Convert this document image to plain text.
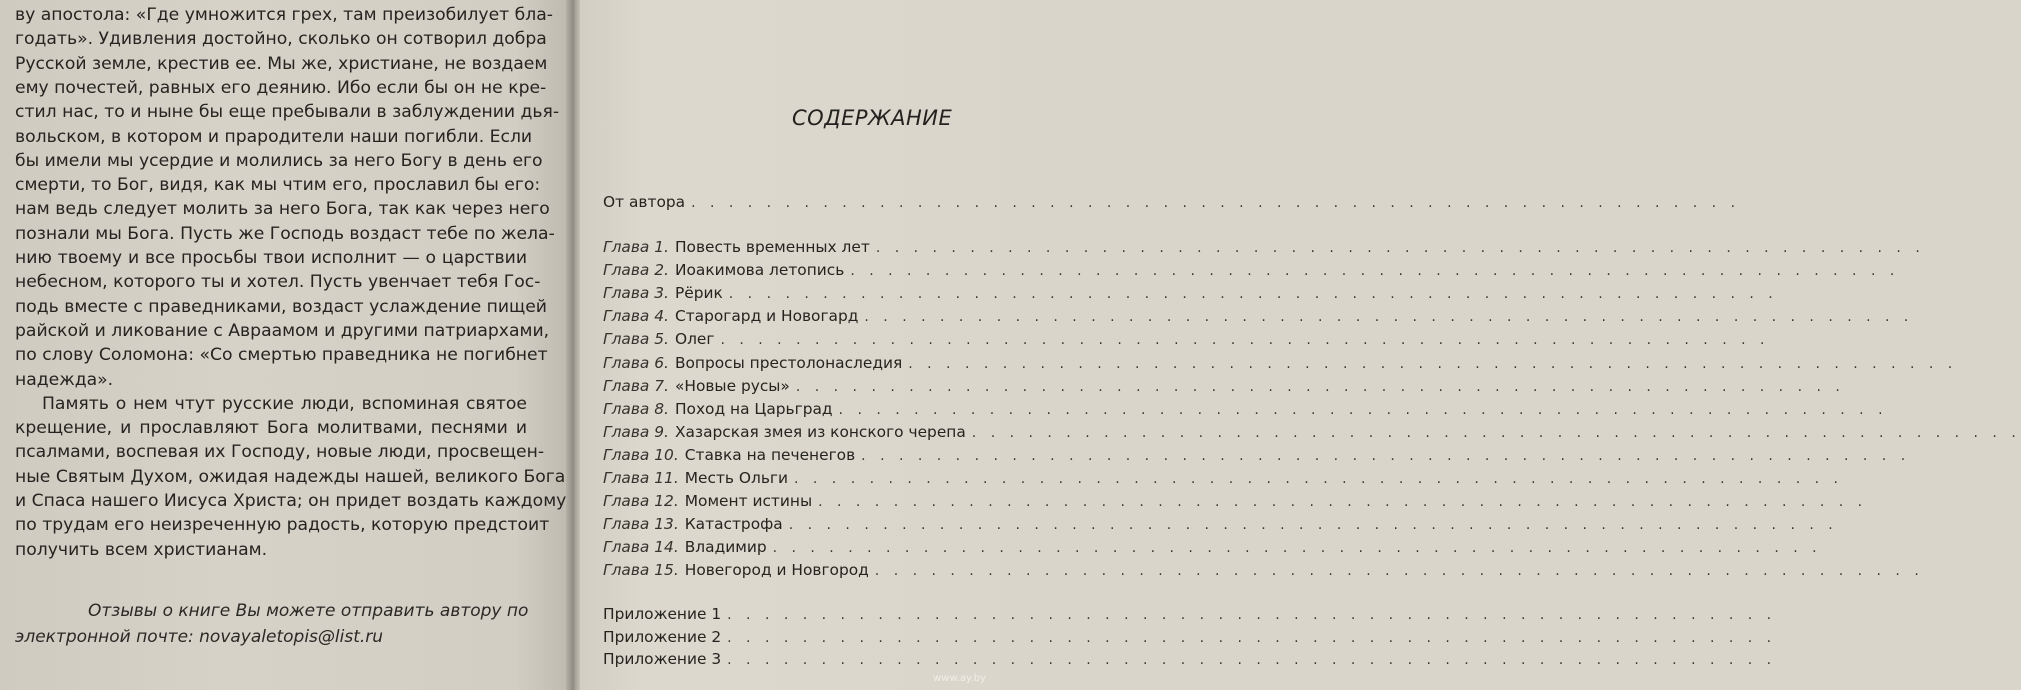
ву апостола: «Где умножится грех, там преизобилует бла-
годать». Удивления достойно, сколько он сотворил добра
Русской земле, крестив ее. Мы же, христиане, не воздаем
ему почестей, равных его деянию. Ибо если бы он не кре-
стил нас, то и ныне бы еще пребывали в заблуждении дья-
вольском, в котором и прародители наши погибли. Если
бы имели мы усердие и молились за него Богу в день его
смерти, то Бог, видя, как мы чтим его, прославил бы его:
нам ведь следует молить за него Бога, так как через него
познали мы Бога. Пусть же Господь воздаст тебе по жела-
нию твоему и все просьбы твои исполнит — о царствии
небесном, которого ты и хотел. Пусть увенчает тебя Гос-
подь вместе с праведниками, воздаст услаждение пищей
райской и ликование с Авраамом и другими патриархами,
по слову Соломона: «Со смертью праведника не погибнет
надежда».
Память о нем чтут русские люди, вспоминая святое
крещение, и прославляют Бога молитвами, песнями и
псалмами, воспевая их Господу, новые люди, просвещен-
ные Святым Духом, ожидая надежды нашей, великого Бога
и Спаса нашего Иисуса Христа; он придет воздать каждому
по трудам его неизреченную радость, которую предстоит
получить всем христианам.
Отзывы о книге Вы можете отправить автору по
электронной почте: novayaletopis@list.ru
СОДЕРЖАНИЕ
От автора . . . . . . . . . . . . . . . . . . . . . . . . . . . . . . . . . . . . . . . . . . . . . . . . . . . . . . . .
Глава 1. Повесть временных лет . . . . . . . . . . . . . . . . . . . . . . . . . . . . . . . . . . . . . . . . . . . . . . . . . . . . . . . .
Глава 2. Иоакимова летопись . . . . . . . . . . . . . . . . . . . . . . . . . . . . . . . . . . . . . . . . . . . . . . . . . . . . . . . .
Глава 3. Рёрик . . . . . . . . . . . . . . . . . . . . . . . . . . . . . . . . . . . . . . . . . . . . . . . . . . . . . . . .
Глава 4. Старогард и Новогард . . . . . . . . . . . . . . . . . . . . . . . . . . . . . . . . . . . . . . . . . . . . . . . . . . . . . . . .
Глава 5. Олег . . . . . . . . . . . . . . . . . . . . . . . . . . . . . . . . . . . . . . . . . . . . . . . . . . . . . . . .
Глава 6. Вопросы престолонаследия . . . . . . . . . . . . . . . . . . . . . . . . . . . . . . . . . . . . . . . . . . . . . . . . . . . . . . . .
Глава 7. «Новые русы» . . . . . . . . . . . . . . . . . . . . . . . . . . . . . . . . . . . . . . . . . . . . . . . . . . . . . . . .
Глава 8. Поход на Царьград . . . . . . . . . . . . . . . . . . . . . . . . . . . . . . . . . . . . . . . . . . . . . . . . . . . . . . . .
Глава 9. Хазарская змея из конского черепа . . . . . . . . . . . . . . . . . . . . . . . . . . . . . . . . . . . . . . . . . . . . . . . . . . . . . . . .
Глава 10. Ставка на печенегов . . . . . . . . . . . . . . . . . . . . . . . . . . . . . . . . . . . . . . . . . . . . . . . . . . . . . . . .
Глава 11. Месть Ольги . . . . . . . . . . . . . . . . . . . . . . . . . . . . . . . . . . . . . . . . . . . . . . . . . . . . . . . .
Глава 12. Момент истины . . . . . . . . . . . . . . . . . . . . . . . . . . . . . . . . . . . . . . . . . . . . . . . . . . . . . . . .
Глава 13. Катастрофа . . . . . . . . . . . . . . . . . . . . . . . . . . . . . . . . . . . . . . . . . . . . . . . . . . . . . . . .
Глава 14. Владимир . . . . . . . . . . . . . . . . . . . . . . . . . . . . . . . . . . . . . . . . . . . . . . . . . . . . . . . .
Глава 15. Новегород и Новгород . . . . . . . . . . . . . . . . . . . . . . . . . . . . . . . . . . . . . . . . . . . . . . . . . . . . . . . .
Приложение 1 . . . . . . . . . . . . . . . . . . . . . . . . . . . . . . . . . . . . . . . . . . . . . . . . . . . . . . . .
Приложение 2 . . . . . . . . . . . . . . . . . . . . . . . . . . . . . . . . . . . . . . . . . . . . . . . . . . . . . . . .
Приложение 3 . . . . . . . . . . . . . . . . . . . . . . . . . . . . . . . . . . . . . . . . . . . . . . . . . . . . . . . .
www.ay.by
